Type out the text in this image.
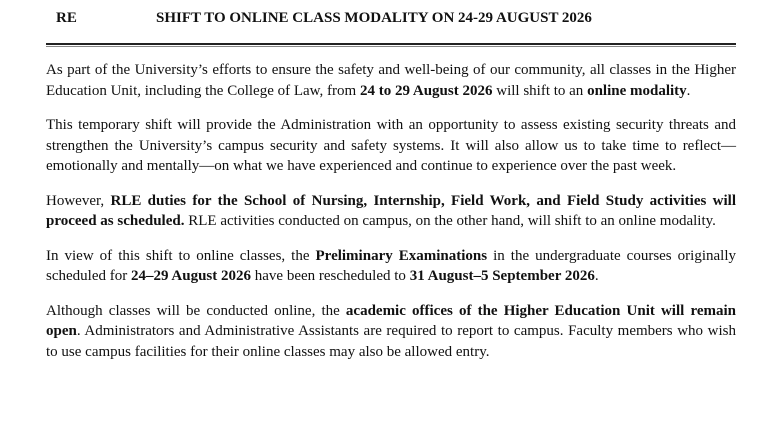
RE	SHIFT TO ONLINE CLASS MODALITY ON 24-29 AUGUST 2026

As part of the University’s efforts to ensure the safety and well-being of our community, all classes in the Higher Education Unit, including the College of Law, from 24 to 29 August 2026 will shift to an online modality.

This temporary shift will provide the Administration with an opportunity to assess existing security threats and strengthen the University’s campus security and safety systems. It will also allow us to take time to reflect—emotionally and mentally—on what we have experienced and continue to experience over the past week.

However, RLE duties for the School of Nursing, Internship, Field Work, and Field Study activities will proceed as scheduled. RLE activities conducted on campus, on the other hand, will shift to an online modality.

In view of this shift to online classes, the Preliminary Examinations in the undergraduate courses originally scheduled for 24–29 August 2026 have been rescheduled to 31 August–5 September 2026.

Although classes will be conducted online, the academic offices of the Higher Education Unit will remain open. Administrators and Administrative Assistants are required to report to campus. Faculty members who wish to use campus facilities for their online classes may also be allowed entry.
